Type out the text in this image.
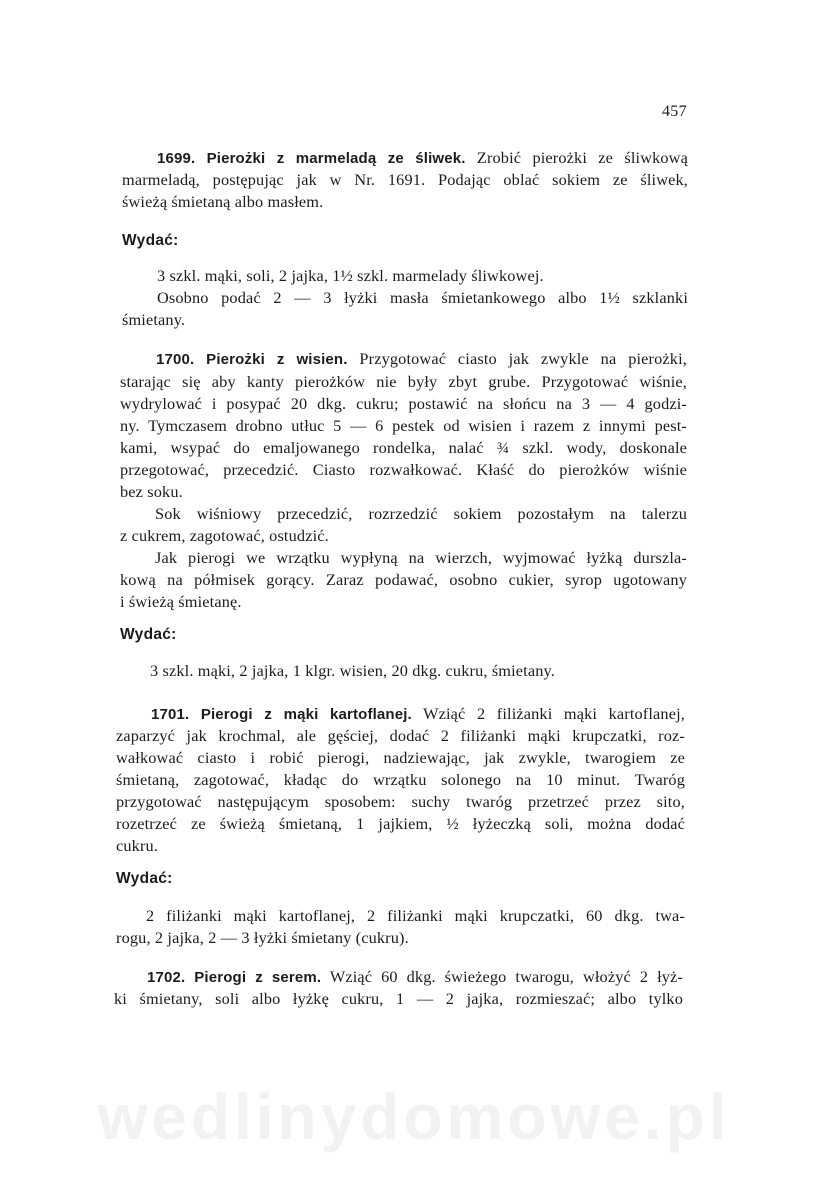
457

1699. Pierożki z marmeladą ze śliwek. Zrobić pierożki ze śliwkową

marmeladą, postępując jak w Nr. 1691. Podając oblać sokiem ze śliwek,

świeżą śmietaną albo masłem.

Wydać:

3 szkl. mąki, soli, 2 jajka, 1½ szkl. marmelady śliwkowej.

Osobno podać 2 — 3 łyżki masła śmietankowego albo 1½ szklanki

śmietany.

1700. Pierożki z wisien. Przygotować ciasto jak zwykle na pierożki,

starając się aby kanty pierożków nie były zbyt grube. Przygotować wiśnie,

wydrylować i posypać 20 dkg. cukru; postawić na słońcu na 3 — 4 godzi-

ny. Tymczasem drobno utłuc 5 — 6 pestek od wisien i razem z innymi pest-

kami, wsypać do emaljowanego rondelka, nalać ¾ szkl. wody, doskonale

przegotować, przecedzić. Ciasto rozwałkować. Kłaść do pierożków wiśnie

bez soku.

Sok wiśniowy przecedzić, rozrzedzić sokiem pozostałym na talerzu

z cukrem, zagotować, ostudzić.

Jak pierogi we wrzątku wypłyną na wierzch, wyjmować łyżką durszla-

kową na półmisek gorący. Zaraz podawać, osobno cukier, syrop ugotowany

i świeżą śmietanę.

Wydać:

3 szkl. mąki, 2 jajka, 1 klgr. wisien, 20 dkg. cukru, śmietany.

1701. Pierogi z mąki kartoflanej. Wziąć 2 filiżanki mąki kartoflanej,

zaparzyć jak krochmal, ale gęściej, dodać 2 filiżanki mąki krupczatki, roz-

wałkować ciasto i robić pierogi, nadziewając, jak zwykle, twarogiem ze

śmietaną, zagotować, kładąc do wrzątku solonego na 10 minut. Twaróg

przygotować następującym sposobem: suchy twaróg przetrzeć przez sito,

rozetrzeć ze świeżą śmietaną, 1 jajkiem, ½ łyżeczką soli, można dodać

cukru.

Wydać:

2 filiżanki mąki kartoflanej, 2 filiżanki mąki krupczatki, 60 dkg. twa-

rogu, 2 jajka, 2 — 3 łyżki śmietany (cukru).

1702. Pierogi z serem. Wziąć 60 dkg. świeżego twarogu, włożyć 2 łyż-

ki śmietany, soli albo łyżkę cukru, 1 — 2 jajka, rozmieszać; albo tylko

wedlinydomowe.pl
